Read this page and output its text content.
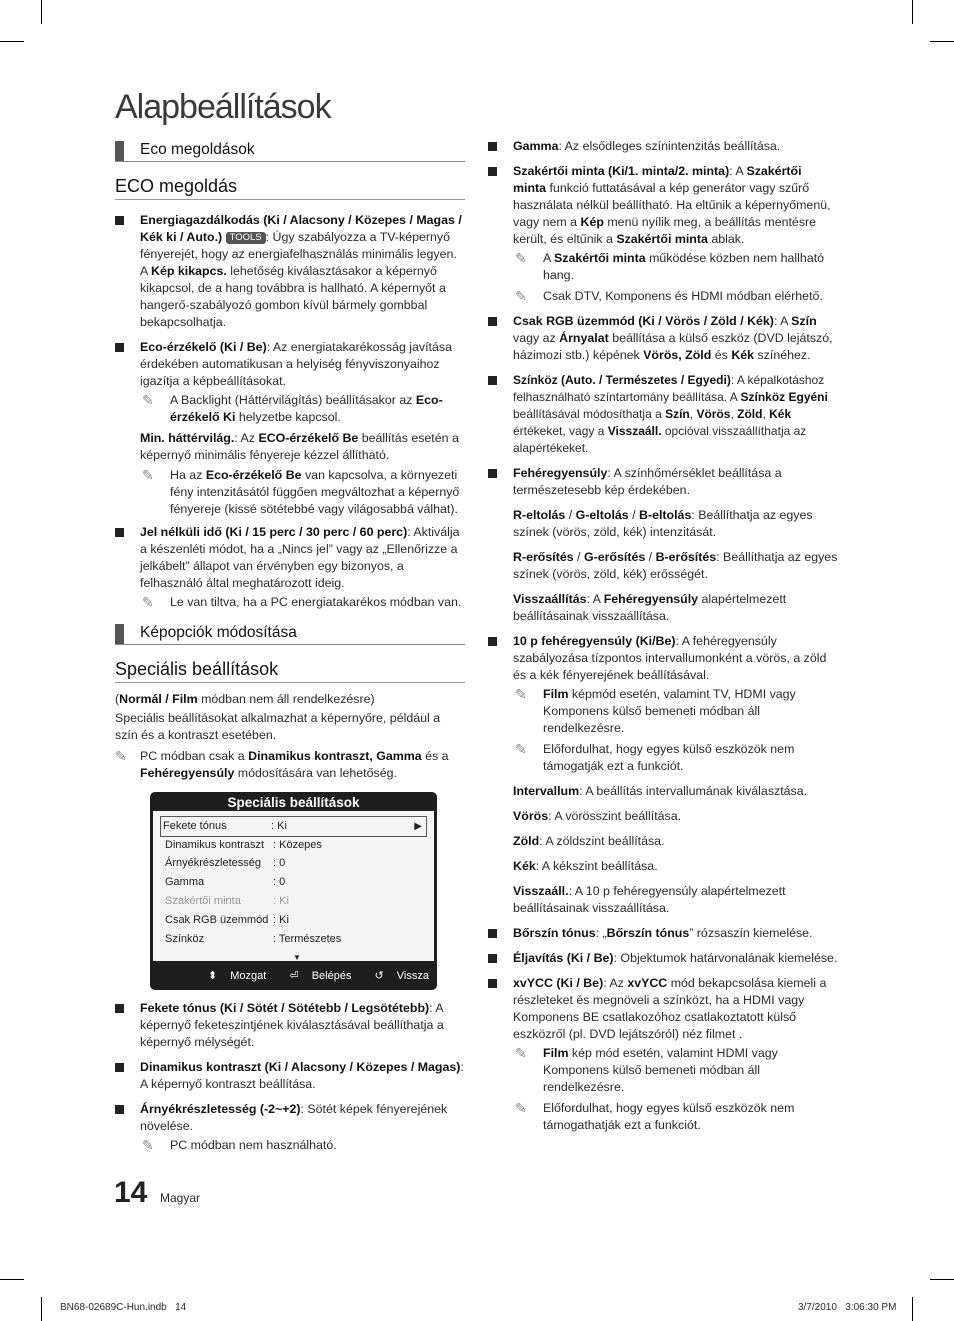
Alapbeállítások
Eco megoldások
ECO megoldás
Energiagazdálkodás (Ki / Alacsony / Közepes / Magas / Kék ki / Auto.) TOOLS : Úgy szabályozza a TV-képernyő fényerejét, hogy az energiafelhasználás minimális legyen. A Kép kikapcs. lehetőség kiválasztásakor a képernyő kikapcsol, de a hang továbbra is hallható. A képernyőt a hangerő-szabályozó gombon kívül bármely gombbal bekapcsolhatja.
Eco-érzékelő (Ki / Be): Az energiatakarékosság javítása érdekében automatikusan a helyiség fényviszonyaihoz igazítja a képbeállításokat.
✎ A Backlight (Háttérvilágítás) beállításakor az Eco-érzékelő Ki helyzetbe kapcsol.
Min. háttérvilág.: Az ECO-érzékelő Be beállítás esetén a képernyő minimális fényereje kézzel állítható.
✎ Ha az Eco-érzékelő Be van kapcsolva, a környezeti fény intenzitásától függően megváltozhat a képernyő fényereje (kissé sötétebbé vagy világosabbá válhat).
Jel nélküli idő (Ki / 15 perc / 30 perc / 60 perc): Aktiválja a készenléti módot, ha a „Nincs jel” vagy az „Ellenőrizze a jelkábelt” állapot van érvényben egy bizonyos, a felhasználó által meghatározott ideig.
✎ Le van tiltva, ha a PC energiatakarékos módban van.
Képopciók módosítása
Speciális beállítások

(Normál / Film módban nem áll rendelkezésre)

Speciális beállításokat alkalmazhat a képernyőre, például a szín és a kontraszt esetében.

✎ PC módban csak a Dinamikus kontraszt, Gamma és a Fehéregyensúly módosítására van lehetőség.
Speciális beállítások
Fekete tónus	: Ki	▶
Dinamikus kontraszt : Közepes
Árnyékrészletesség : 0
Gamma	: 0
Szakértői minta	: Ki
Csak RGB üzemmód : Ki
Színköz	: Természetes
▼
⬍ Mozgat ⏎ Belépés ↺ Vissza
Fekete tónus (Ki / Sötét / Sötétebb / Legsötétebb): A képernyő feketeszintjének kiválasztásával beállíthatja a képernyő mélységét.
Dinamikus kontraszt (Ki / Alacsony / Közepes / Magas): A képernyő kontraszt beállítása.
Árnyékrészletesség (-2~+2): Sötét képek fényerejének növelése.
✎ PC módban nem használható.
Gamma: Az elsődleges színintenzitás beállítása.
Szakértői minta (Ki/1. minta/2. minta): A Szakértői minta funkció futtatásával a kép generátor vagy szűrő használata nélkül beállítható. Ha eltűnik a képernyőmenü, vagy nem a Kép menü nyílik meg, a beállítás mentésre került, és eltűnik a Szakértői minta ablak.
✎ A Szakértői minta működése közben nem hallható hang.
✎ Csak DTV, Komponens és HDMI módban elérhető.
Csak RGB üzemmód (Ki / Vörös / Zöld / Kék): A Szín vagy az Árnyalat beállítása a külső eszköz (DVD lejátszó, házimozi stb.) képének Vörös, Zöld és Kék színéhez.
Színköz (Auto. / Természetes / Egyedi): A képalkotáshoz felhasználható színtartomány beállítása. A Színköz Egyéni beállításával módosíthatja a Szín, Vörös, Zöld, Kék értékeket, vagy a Visszaáll. opcióval visszaállíthatja az alapértékeket.
Fehéregyensúly: A színhőmérséklet beállítása a természetesebb kép érdekében.
R-eltolás / G-eltolás / B-eltolás: Beállíthatja az egyes színek (vörös, zöld, kék) intenzitását.
R-erősítés / G-erősítés / B-erősítés: Beállíthatja az egyes színek (vörös, zöld, kék) erősségét.
Visszaállítás: A Fehéregyensúly alapértelmezett beállításainak visszaállítása.
10 p fehéregyensúly (Ki/Be): A fehéregyensúly szabályozása tízpontos intervallumonként a vörös, a zöld és a kék fényerejének beállításával.
✎ Film képmód esetén, valamint TV, HDMI vagy Komponens külső bemeneti módban áll rendelkezésre.
✎ Előfordulhat, hogy egyes külső eszközök nem támogatják ezt a funkciót.
Intervallum: A beállítás intervallumának kiválasztása.
Vörös: A vörösszint beállítása.
Zöld: A zöldszint beállítása.
Kék: A kékszint beállítása.
Visszaáll.: A 10 p fehéregyensúly alapértelmezett beállításainak visszaállítása.
Bőrszín tónus: „Bőrszín tónus” rózsaszín kiemelése.
Éljavítás (Ki / Be): Objektumok határvonalának kiemelése.
xvYCC (Ki / Be): Az xvYCC mód bekapcsolása kiemeli a részleteket és megnöveli a színközt, ha a HDMI vagy Komponens BE csatlakozóhoz csatlakoztatott külső eszközről (pl. DVD lejátszóról) néz filmet .
✎ Film kép mód esetén, valamint HDMI vagy Komponens külső bemeneti módban áll rendelkezésre.
✎ Előfordulhat, hogy egyes külső eszközök nem támogathatják ezt a funkciót.
14 Magyar
BN68-02689C-Hun.indb   14	3/7/2010   3:06:30 PM
